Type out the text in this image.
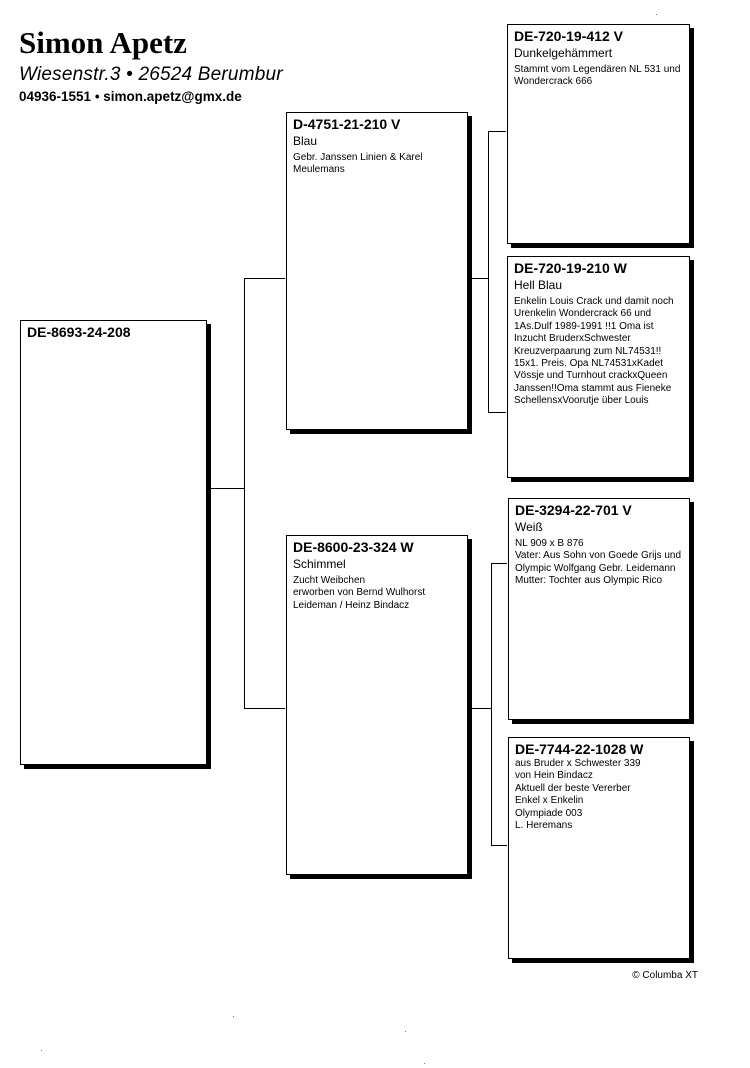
Simon Apetz
Wiesenstr.3 • 26524 Berumbur
04936-1551 • simon.apetz@gmx.de
DE-8693-24-208
D-4751-21-210 V
Blau
Gebr. Janssen Linien & Karel Meulemans
DE-8600-23-324 W
Schimmel
Zucht Weibchen
erworben von Bernd Wulhorst Leideman / Heinz Bindacz
DE-720-19-412 V
Dunkelgehämmert
Stammt vom Legendären NL 531 und Wondercrack 666
DE-720-19-210 W
Hell Blau
Enkelin Louis Crack und damit noch Urenkelin Wondercrack 66 und 1As.Dulf 1989-1991 !!1 Oma ist Inzucht BruderxSchwester Kreuzverpaarung zum NL74531!! 15x1. Preis. Opa NL74531xKadet Vössje und Turnhout crackxQueen Janssen!!Oma stammt aus Fieneke SchellensxVoorutje über Louis
DE-3294-22-701 V
Weiß
NL 909 x B 876
Vater: Aus Sohn von Goede Grijs und Olympic Wolfgang Gebr. Leidemann
Mutter: Tochter aus Olympic Rico
DE-7744-22-1028 W
aus Bruder x Schwester 339
von Hein Bindacz
Aktuell der beste Vererber
Enkel x Enkelin
Olympiade 003
L. Heremans
© Columba XT
